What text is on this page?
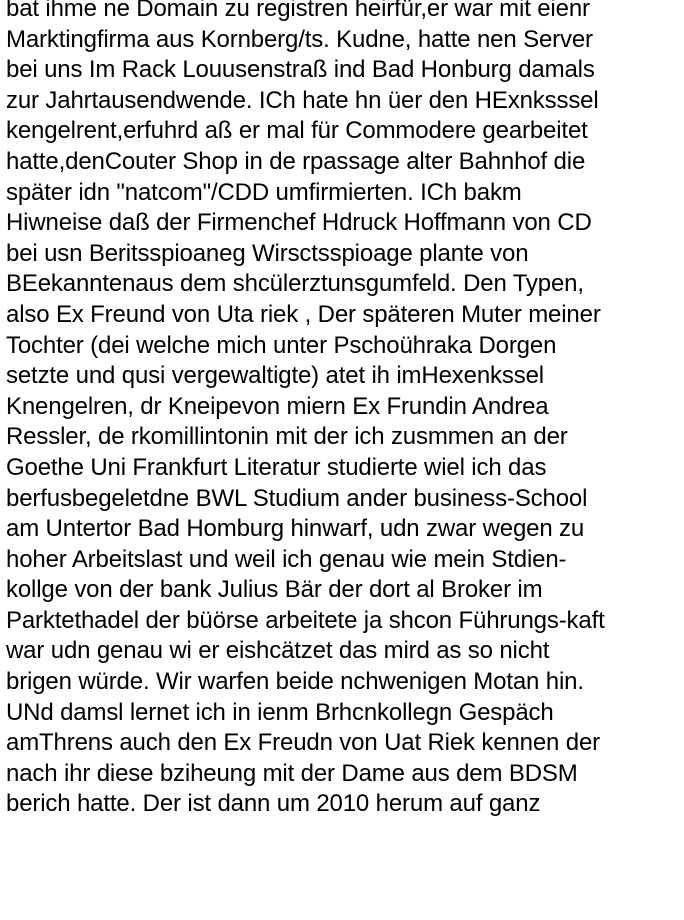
bat ihme ne Domain zu registren heirfür,er war mit eienr
Marktingfirma aus Kornberg/ts. Kudne, hatte nen Server
bei uns Im Rack Louusenstraß ind Bad Honburg damals
zur Jahrtausendwende. ICh hate hn üer den HExnksssel
kengelrent,erfuhrd aß er mal für Commodere gearbeitet
hatte,denCouter Shop in de rpassage alter Bahnhof die
später idn "natcom"/CDD umfirmierten. ICh bakm
Hiwneise daß der Firmenchef Hdruck Hoffmann von CD
bei usn Beritsspioaneg Wirsctsspioage plante von
BEekanntenaus dem shcülerztunsgumfeld. Den Typen,
also Ex Freund von Uta riek , Der späteren Muter meiner
Tochter (dei welche mich unter Pschoühraka Dorgen
setzte und qusi vergewaltigte) atet ih imHexenkssel
Knengelren, dr Kneipevon miern Ex Frundin Andrea
Ressler, de rkomillintonin mit der ich zusmmen an der
Goethe Uni Frankfurt Literatur studierte wiel ich das
berfusbegeletdne BWL Studium ander business-School
am Untertor Bad Homburg hinwarf, udn zwar wegen zu
hoher Arbeitslast und weil ich genau wie mein Stdien-
kollge von der bank Julius Bär der dort al Broker im
Parktethadel der büörse arbeitete ja shcon Führungs-kaft
war udn genau wi er eishcätzet das mird as so nicht
brigen würde. Wir warfen beide nchwenigen Motan hin.
UNd damsl lernet ich in ienm Brhcnkollegn Gespäch
amThrens auch den Ex Freudn von Uat Riek kennen der
nach ihr diese bziheung mit der Dame aus dem BDSM
berich hatte. Der ist dann um 2010 herum auf ganz
